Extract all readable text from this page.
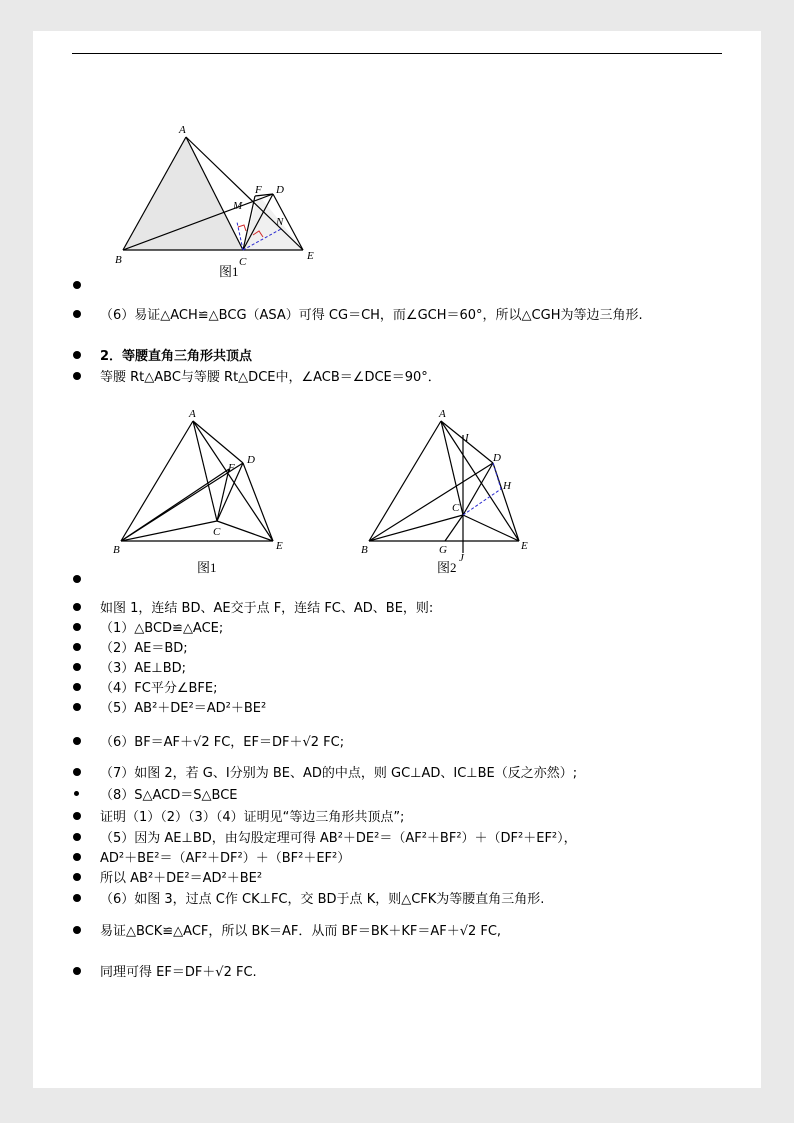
A
B	C	E
D
F
M
N
图1
（6）易证△ACH≌△BCG（ASA）可得 CG＝CH，而∠GCH＝60°，所以△CGH为等边三角形.
2．等腰直角三角形共顶点
等腰 Rt△ABC与等腰 Rt△DCE中，∠ACB＝∠DCE＝90°．
A
B
C
D
E
F
图1
A
B
C
D
E
G
J
H
I
图2
如图 1，连结 BD、AE交于点 F，连结 FC、AD、BE，则:
（1）△BCD≌△ACE;
（2）AE＝BD;
（3）AE⊥BD;
（4）FC平分∠BFE;
（5）AB²＋DE²＝AD²＋BE²
（6）BF＝AF＋√2 FC，EF＝DF＋√2 FC;
（7）如图 2，若 G、I分别为 BE、AD的中点，则 GC⊥AD、IC⊥BE（反之亦然）;
（8）S△ACD＝S△BCE
证明（1）（2）（3）（4）证明见“等边三角形共顶点”;
（5）因为 AE⊥BD，由勾股定理可得 AB²＋DE²＝（AF²＋BF²）＋（DF²＋EF²），
AD²＋BE²＝（AF²＋DF²）＋（BF²＋EF²）
所以 AB²＋DE²＝AD²＋BE²
（6）如图 3，过点 C作 CK⊥FC，交 BD于点 K，则△CFK为等腰直角三角形.
易证△BCK≌△ACF，所以 BK＝AF．从而 BF＝BK＋KF＝AF＋√2 FC,
同理可得 EF＝DF＋√2 FC.
